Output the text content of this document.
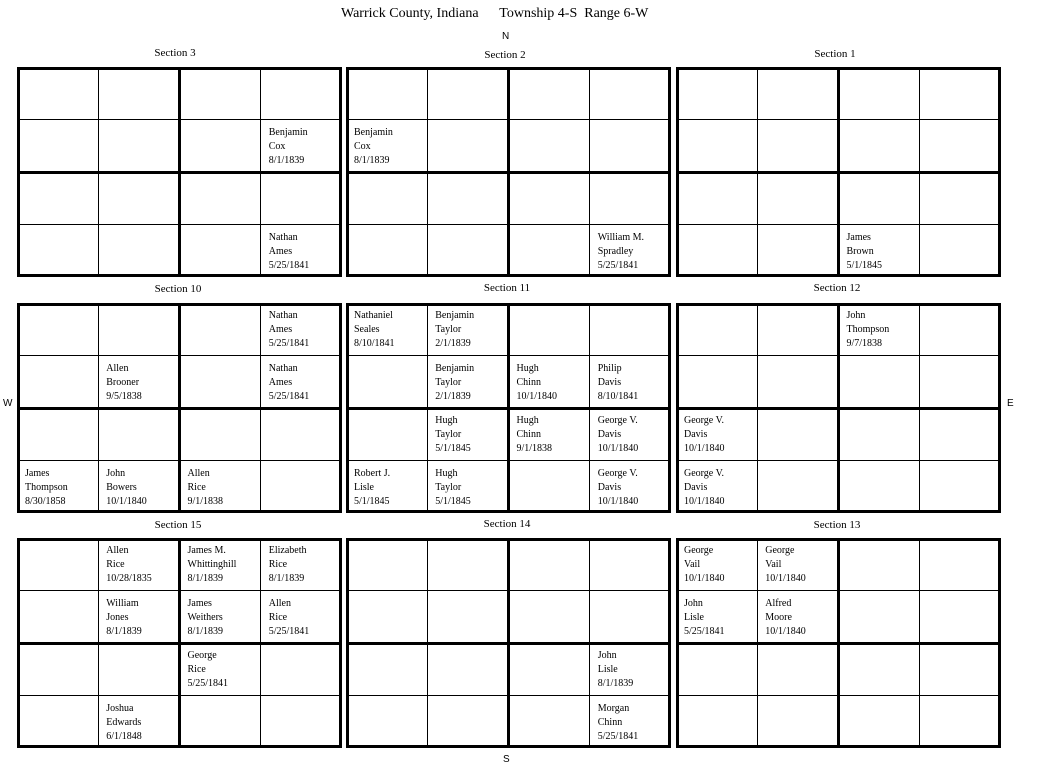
Warrick County, Indiana      Township 4-S  Range 6-W
N
S
W	E
Section 3
Benjamin
Cox
8/1/1839
Nathan
Ames
5/25/1841
Section 2
Benjamin
Cox
8/1/1839
William M.
Spradley
5/25/1841
Section 1
James
Brown
5/1/1845
Section 10
Nathan
Ames
5/25/1841
Allen
Brooner
9/5/1838
Nathan
Ames
5/25/1841
James
Thompson
8/30/1858
John
Bowers
10/1/1840
Allen
Rice
9/1/1838
Section 11
Nathaniel
Seales
8/10/1841
Benjamin
Taylor
2/1/1839
Benjamin
Taylor
2/1/1839
Hugh
Chinn
10/1/1840
Philip
Davis
8/10/1841
Hugh
Taylor
5/1/1845
Hugh
Chinn
9/1/1838
George V.
Davis
10/1/1840
Robert J.
Lisle
5/1/1845
Hugh
Taylor
5/1/1845
George V.
Davis
10/1/1840
Section 12
John
Thompson
9/7/1838
George V.
Davis
10/1/1840
George V.
Davis
10/1/1840
Section 15
Allen
Rice
10/28/1835
James M.
Whittinghill
8/1/1839
Elizabeth
Rice
8/1/1839
William
Jones
8/1/1839
James
Weithers
8/1/1839
Allen
Rice
5/25/1841
George
Rice
5/25/1841
Joshua
Edwards
6/1/1848
Section 14
John
Lisle
8/1/1839
Morgan
Chinn
5/25/1841
Section 13
George
Vail
10/1/1840
George
Vail
10/1/1840
John
Lisle
5/25/1841
Alfred
Moore
10/1/1840
